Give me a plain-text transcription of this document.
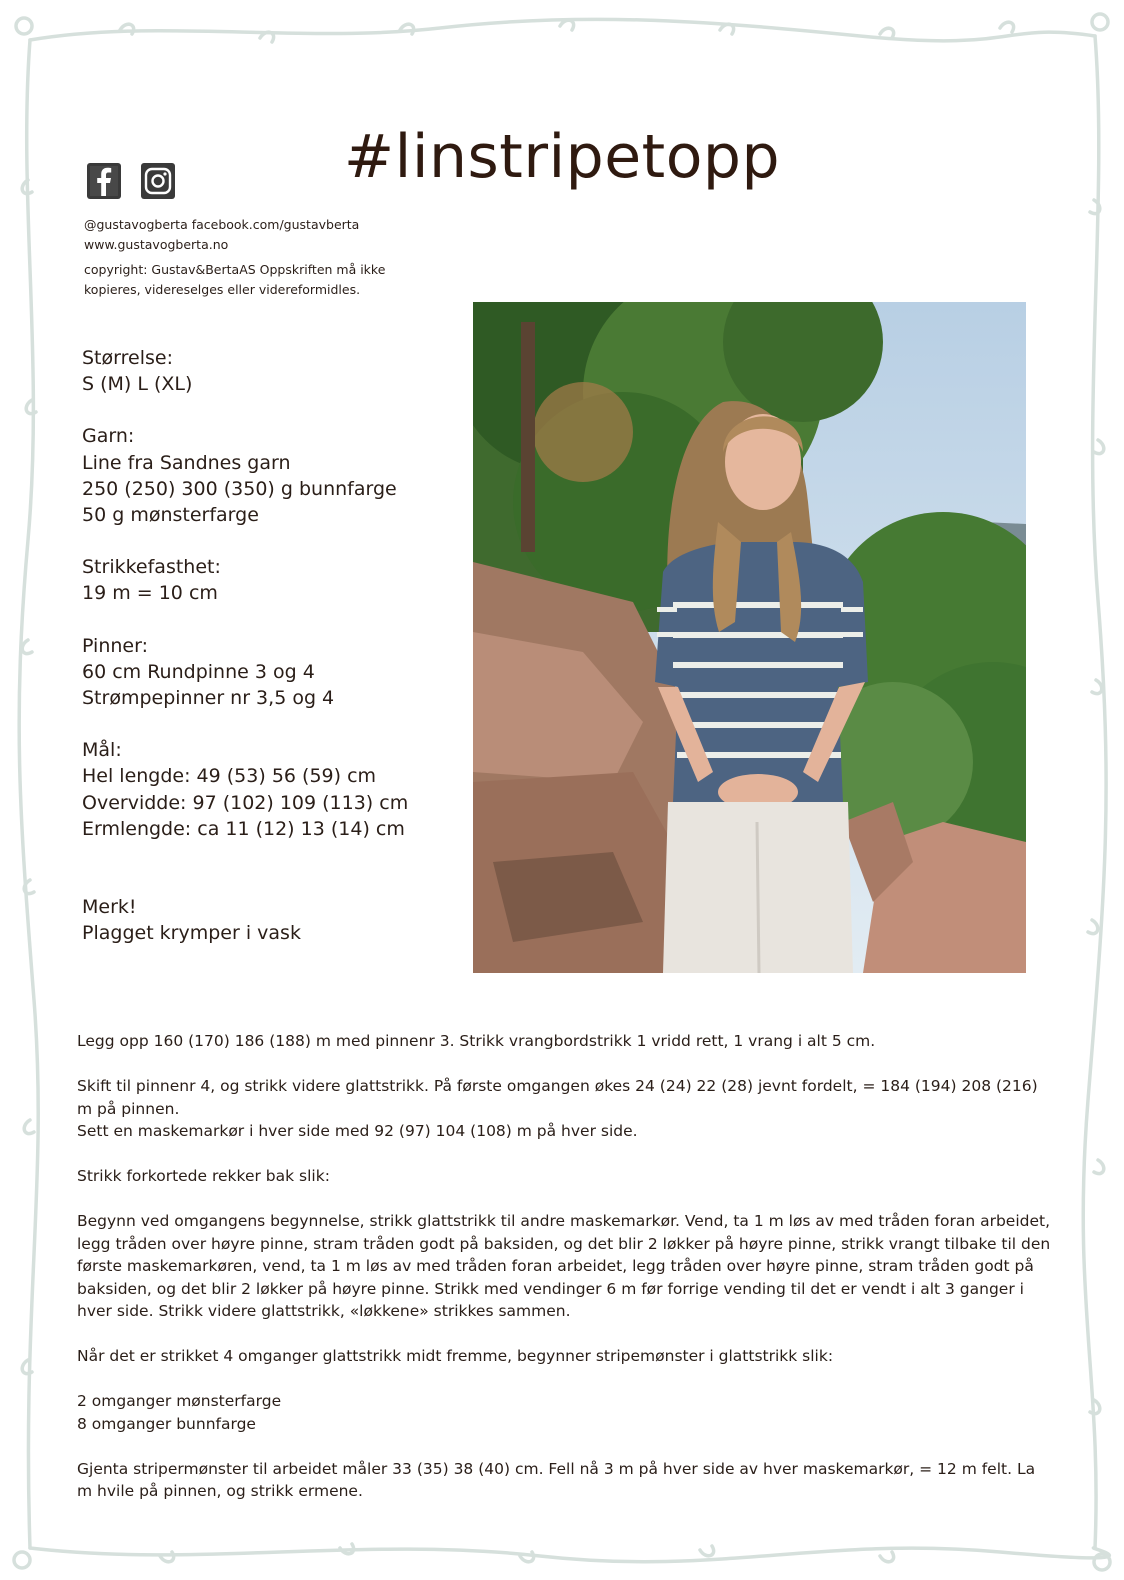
#linstripetopp
@gustavogberta facebook.com/gustavberta
www.gustavogberta.no
copyright: Gustav&BertaAS Oppskriften må ikke kopieres, videreselges eller videreformidles.
Størrelse:
S (M) L (XL)
Garn:
Line fra Sandnes garn
250 (250) 300 (350) g bunnfarge
50 g mønsterfarge
Strikkefasthet:
19 m = 10 cm
Pinner:
60 cm Rundpinne 3 og 4
Strømpepinner nr 3,5 og 4
Mål:
Hel lengde: 49 (53) 56 (59) cm
Overvidde: 97 (102) 109 (113) cm
Ermlengde: ca 11 (12) 13 (14) cm
Merk!
Plagget krymper i vask

Legg opp 160 (170) 186 (188) m med pinnenr 3. Strikk vrangbordstrikk 1 vridd rett, 1 vrang i alt 5 cm.

Skift til pinnenr 4, og strikk videre glattstrikk. På første omgangen økes 24 (24) 22 (28) jevnt fordelt, = 184 (194) 208 (216) m på pinnen.
Sett en maskemarkør i hver side med 92 (97) 104 (108) m på hver side.

Strikk forkortede rekker bak slik:

Begynn ved omgangens begynnelse, strikk glattstrikk til andre maskemarkør. Vend, ta 1 m løs av med tråden foran arbeidet, legg tråden over høyre pinne, stram tråden godt på baksiden, og det blir 2 løkker på høyre pinne, strikk vrangt tilbake til den første maskemarkøren, vend, ta 1 m løs av med tråden foran arbeidet, legg tråden over høyre pinne, stram tråden godt på baksiden, og det blir 2 løkker på høyre pinne. Strikk med vendinger 6 m før forrige vending til det er vendt i alt 3 ganger i hver side. Strikk videre glattstrikk, «løkkene» strikkes sammen.

Når det er strikket 4 omganger glattstrikk midt fremme, begynner stripemønster i glattstrikk slik:

2 omganger mønsterfarge
8 omganger bunnfarge

Gjenta stripermønster til arbeidet måler 33 (35) 38 (40) cm. Fell nå 3 m på hver side av hver maskemarkør, = 12 m felt. La m hvile på pinnen, og strikk ermene.
